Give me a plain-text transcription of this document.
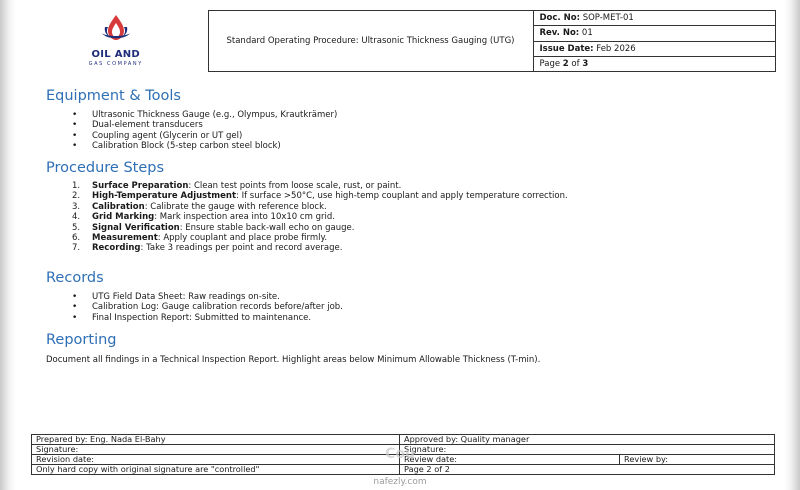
OIL AND
GAS COMPANY
	Standard Operating Procedure: Ultrasonic Thickness Gauging (UTG)	Doc. No: SOP-MET-01
Rev. No: 01
Issue Date: Feb 2026
Page 2 of 3
Equipment & Tools
• Ultrasonic Thickness Gauge (e.g., Olympus, Krautkrämer)
• Dual-element transducers
• Coupling agent (Glycerin or UT gel)
• Calibration Block (5-step carbon steel block)
Procedure Steps
1. Surface Preparation: Clean test points from loose scale, rust, or paint.
2. High-Temperature Adjustment: If surface >50°C, use high-temp couplant and apply temperature correction.
3. Calibration: Calibrate the gauge with reference block.
4. Grid Marking: Mark inspection area into 10x10 cm grid.
5. Signal Verification: Ensure stable back-wall echo on gauge.
6. Measurement: Apply couplant and place probe firmly.
7. Recording: Take 3 readings per point and record average.
Records
• UTG Field Data Sheet: Raw readings on-site.
• Calibration Log: Gauge calibration records before/after job.
• Final Inspection Report: Submitted to maintenance.
Reporting
Document all findings in a Technical Inspection Report. Highlight areas below Minimum Allowable Thickness (T-min).
Prepared by: Eng. Nada El-Bahy	Approved by: Quality manager	
Signature:	Signature:	
Revision date:	Review date:	Review by:
Only hard copy with original signature are "controlled"	Page 2 of 2	
Cou
nafezly.com
